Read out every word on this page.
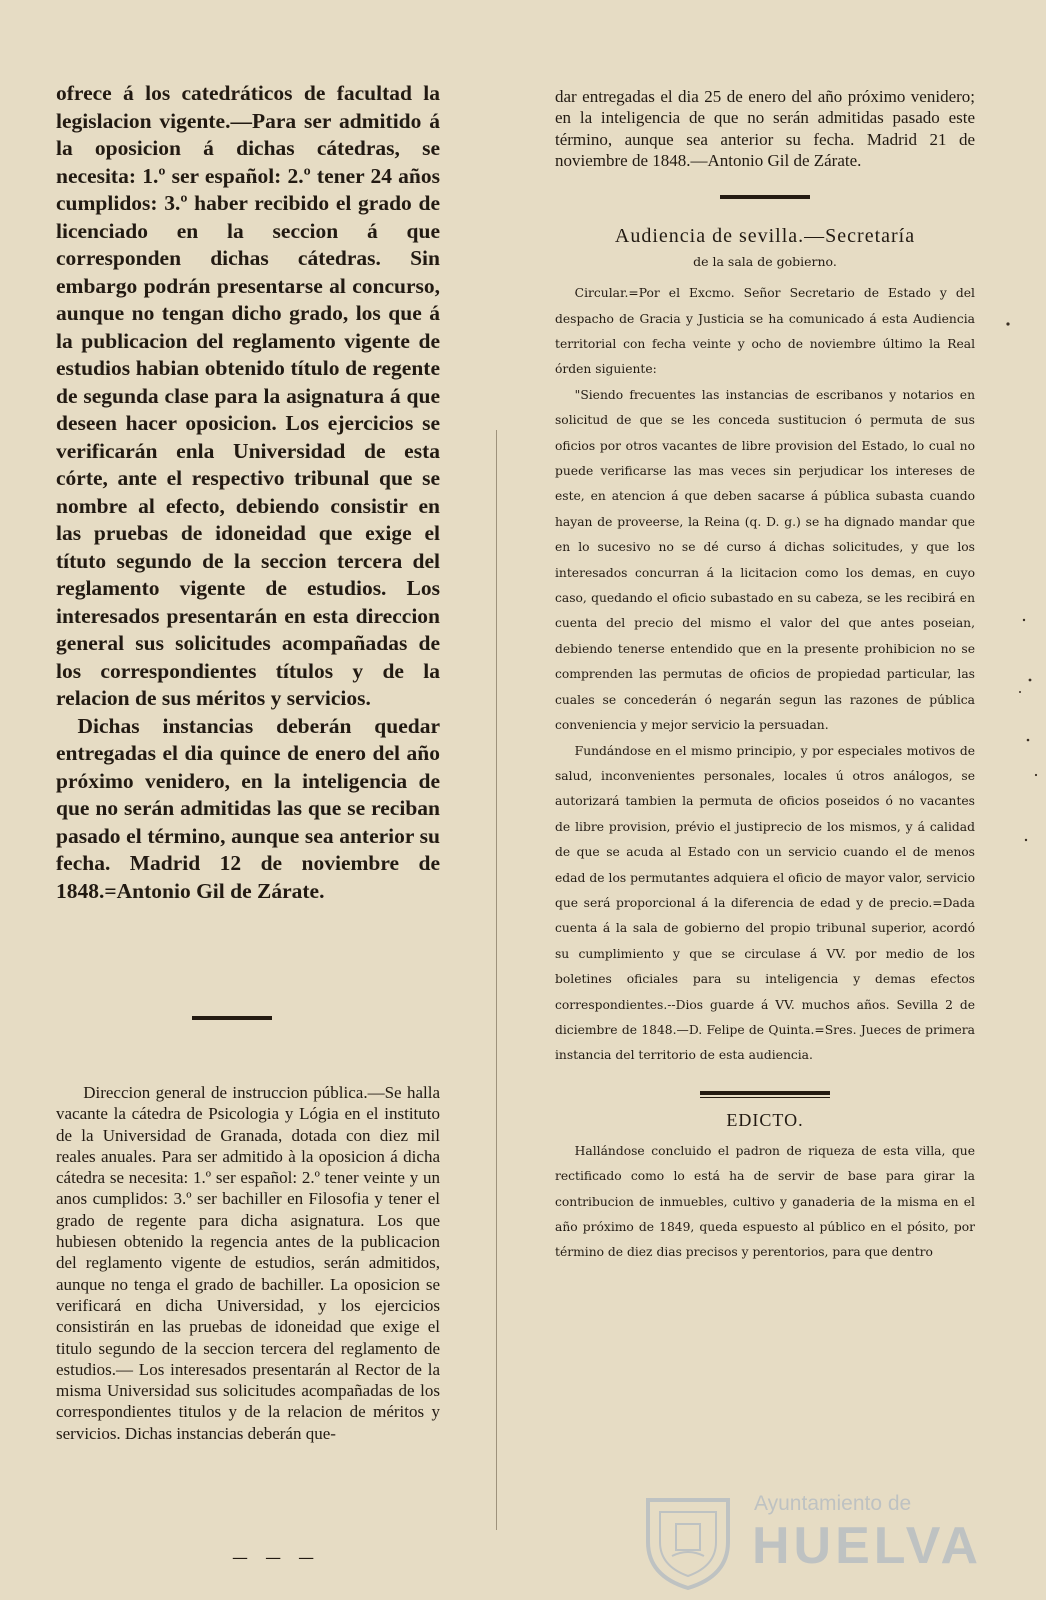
ofrece á los catedráticos de facultad la legislacion vigente.—Para ser admitido á la oposicion á dichas cátedras, se necesita: 1.º ser español: 2.º tener 24 años cumplidos: 3.º haber recibido el grado de licenciado en la seccion á que corresponden dichas cátedras. Sin embargo podrán presentarse al concurso, aunque no tengan dicho grado, los que á la publicacion del reglamento vigente de estudios habian obtenido título de regente de segunda clase para la asignatura á que deseen hacer oposicion. Los ejercicios se verificarán enla Universidad de esta córte, ante el respectivo tribunal que se nombre al efecto, debiendo consistir en las pruebas de idoneidad que exige el títuto segundo de la seccion tercera del reglamento vigente de estudios. Los interesados presentarán en esta direccion general sus solicitudes acompañadas de los correspondientes títulos y de la relacion de sus méritos y servicios.

Dichas instancias deberán quedar entregadas el dia quince de enero del año próximo venidero, en la inteligencia de que no serán admitidas las que se reciban pasado el término, aunque sea anterior su fecha. Madrid 12 de noviembre de 1848.=Antonio Gil de Zárate.

Direccion general de instruccion pública.—Se halla vacante la cátedra de Psicologia y Lógia en el instituto de la Universidad de Granada, dotada con diez mil reales anuales. Para ser admitido à la oposicion á dicha cátedra se necesita: 1.º ser español: 2.º tener veinte y un anos cumplidos: 3.º ser bachiller en Filosofia y tener el grado de regente para dicha asignatura. Los que hubiesen obtenido la regencia antes de la publicacion del reglamento vigente de estudios, serán admitidos, aunque no tenga el grado de bachiller. La oposicion se verificará en dicha Universidad, y los ejercicios consistirán en las pruebas de idoneidad que exige el titulo segundo de la seccion tercera del reglamento de estudios.— Los interesados presentarán al Rector de la misma Universidad sus solicitudes acompañadas de los correspondientes titulos y de la relacion de méritos y servicios. Dichas instancias deberán que-

— — —

dar entregadas el dia 25 de enero del año próximo venidero; en la inteligencia de que no serán admitidas pasado este término, aunque sea anterior su fecha. Madrid 21 de noviembre de 1848.—Antonio Gil de Zárate.

Audiencia de sevilla.—Secretaría

de la sala de gobierno.

Circular.=Por el Excmo. Señor Secretario de Estado y del despacho de Gracia y Justicia se ha comunicado á esta Audiencia territorial con fecha veinte y ocho de noviembre último la Real órden siguiente:

"Siendo frecuentes las instancias de escribanos y notarios en solicitud de que se les conceda sustitucion ó permuta de sus oficios por otros vacantes de libre provision del Estado, lo cual no puede verificarse las mas veces sin perjudicar los intereses de este, en atencion á que deben sacarse á pública subasta cuando hayan de proveerse, la Reina (q. D. g.) se ha dignado mandar que en lo sucesivo no se dé curso á dichas solicitudes, y que los interesados concurran á la licitacion como los demas, en cuyo caso, quedando el oficio subastado en su cabeza, se les recibirá en cuenta del precio del mismo el valor del que antes poseian, debiendo tenerse entendido que en la presente prohibicion no se comprenden las permutas de oficios de propiedad particular, las cuales se concederán ó negarán segun las razones de pública conveniencia y mejor servicio la persuadan.

Fundándose en el mismo principio, y por especiales motivos de salud, inconvenientes personales, locales ú otros análogos, se autorizará tambien la permuta de oficios poseidos ó no vacantes de libre provision, prévio el justiprecio de los mismos, y á calidad de que se acuda al Estado con un servicio cuando el de menos edad de los permutantes adquiera el oficio de mayor valor, servicio que será proporcional á la diferencia de edad y de precio.=Dada cuenta á la sala de gobierno del propio tribunal superior, acordó su cumplimiento y que se circulase á VV. por medio de los boletines oficiales para su inteligencia y demas efectos correspondientes.--Dios guarde á VV. muchos años. Sevilla 2 de diciembre de 1848.—D. Felipe de Quinta.=Sres. Jueces de primera instancia del territorio de esta audiencia.

EDICTO.

Hallándose concluido el padron de riqueza de esta villa, que rectificado como lo está ha de servir de base para girar la contribucion de inmuebles, cultivo y ganaderia de la misma en el año próximo de 1849, queda espuesto al público en el pósito, por término de diez dias precisos y perentorios, para que dentro

Ayuntamiento de
HUELVA
